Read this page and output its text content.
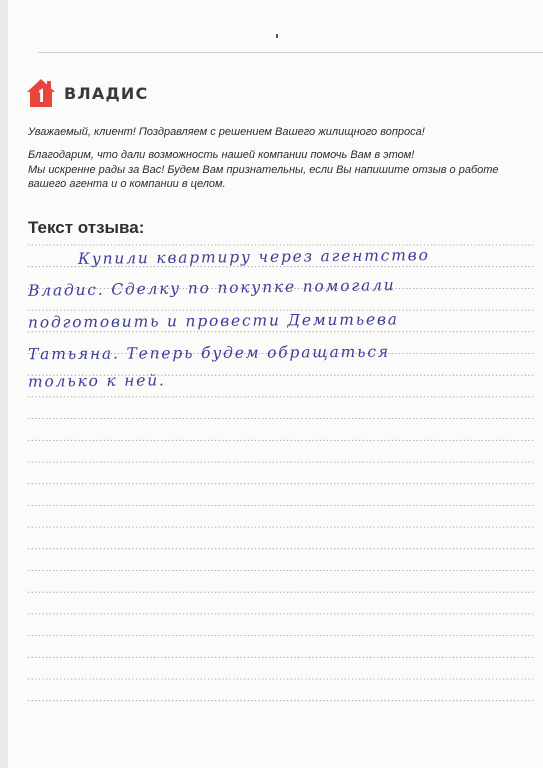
ВЛАДИС

Уважаемый, клиент! Поздравляем с решением Вашего жилищного вопроса!

Благодарим, что дали возможность нашей компании помочь Вам в этом!
Мы искренне рады за Вас! Будем Вам признательны, если Вы напишите отзыв о работе
вашего агента и о компании в целом.
Текст отзыва:
Купили квартиру через агентство
Владис. Сделку по покупке помогали
подготовить и провести Демитьева
Татьяна. Теперь будем обращаться
только к ней.
